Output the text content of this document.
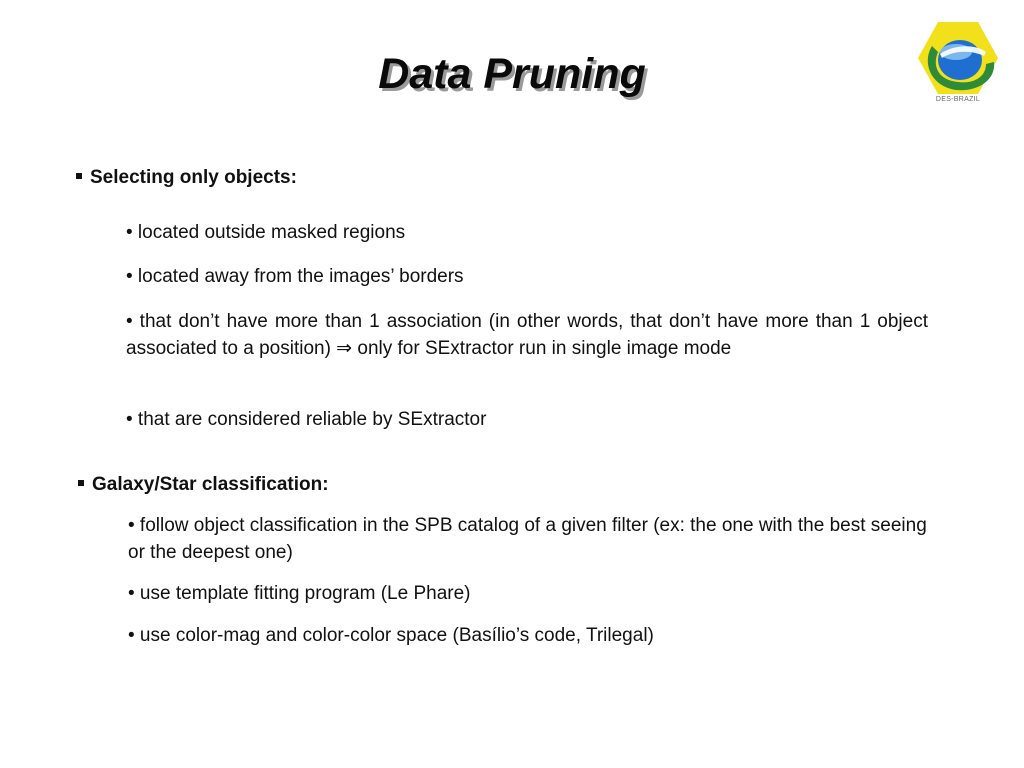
Data Pruning
DES-BRAZIL

Selecting only objects:

• located outside masked regions

• located away from the images’ borders

• that don’t have more than 1 association (in other words, that don’t have more than 1 object associated to a position) ⇒ only for SExtractor run in single image mode

• that are considered reliable by SExtractor

Galaxy/Star classification:

• follow object classification in the SPB catalog of a given filter (ex: the one with the best seeing or the deepest one)

• use template fitting program (Le Phare)

• use color-mag and color-color space (Basílio’s code, Trilegal)
